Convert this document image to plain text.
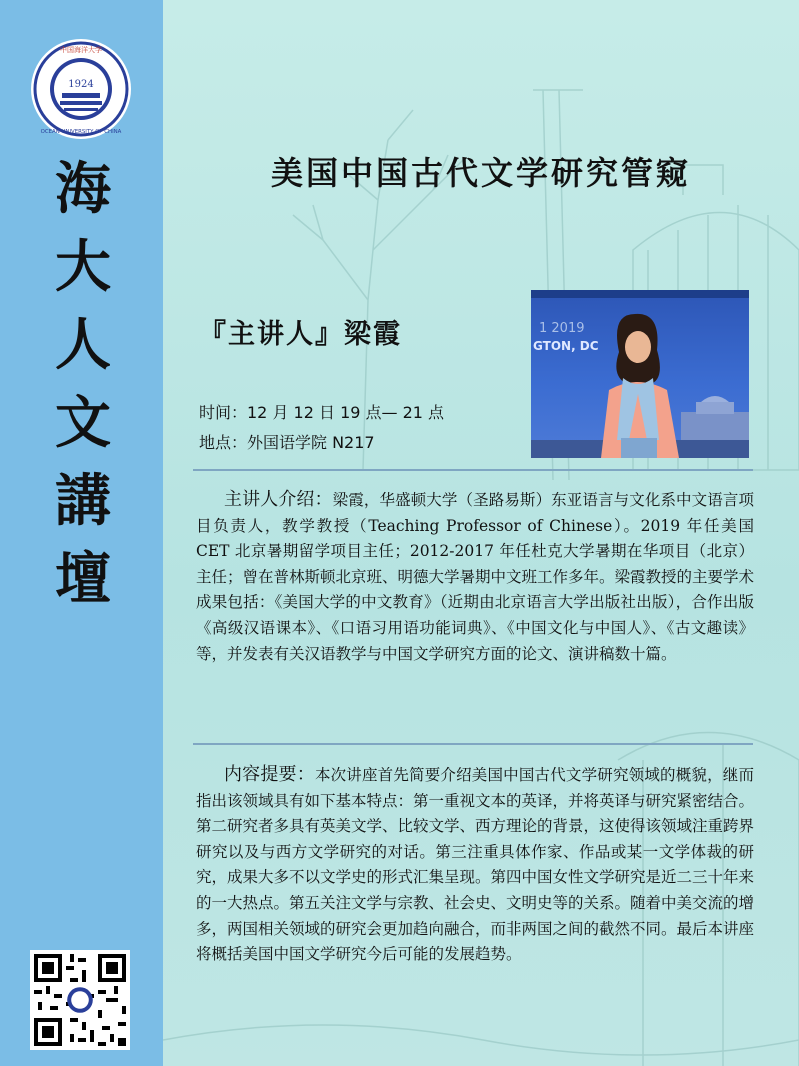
1924
中国海洋大学
OCEAN UNIVERSITY OF CHINA
海
大
人
文
講
壇
美国中国古代文学研究管窥
『主讲人』梁霞
时间：12 月 12 日 19 点— 21 点
地点：外国语学院 N217
1 2019
GTON, DC
主讲人介绍：梁霞，华盛顿大学（圣路易斯）东亚语言与文化系中文语言项目负责人，教学教授（Teaching Professor of Chinese）。2019 年任美国 CET 北京暑期留学项目主任；2012-2017 年任杜克大学暑期在华项目（北京）主任；曾在普林斯顿北京班、明德大学暑期中文班工作多年。梁霞教授的主要学术成果包括：《美国大学的中文教育》（近期由北京语言大学出版社出版），合作出版《高级汉语课本》、《口语习用语功能词典》、《中国文化与中国人》、《古文趣读》等，并发表有关汉语教学与中国文学研究方面的论文、演讲稿数十篇。
内容提要：本次讲座首先简要介绍美国中国古代文学研究领域的概貌，继而指出该领域具有如下基本特点：第一重视文本的英译，并将英译与研究紧密结合。第二研究者多具有英美文学、比较文学、西方理论的背景，这使得该领域注重跨界研究以及与西方文学研究的对话。第三注重具体作家、作品或某一文学体裁的研究，成果大多不以文学史的形式汇集呈现。第四中国女性文学研究是近二三十年来的一大热点。第五关注文学与宗教、社会史、文明史等的关系。随着中美交流的增多，两国相关领域的研究会更加趋向融合，而非两国之间的截然不同。最后本讲座将概括美国中国文学研究今后可能的发展趋势。
